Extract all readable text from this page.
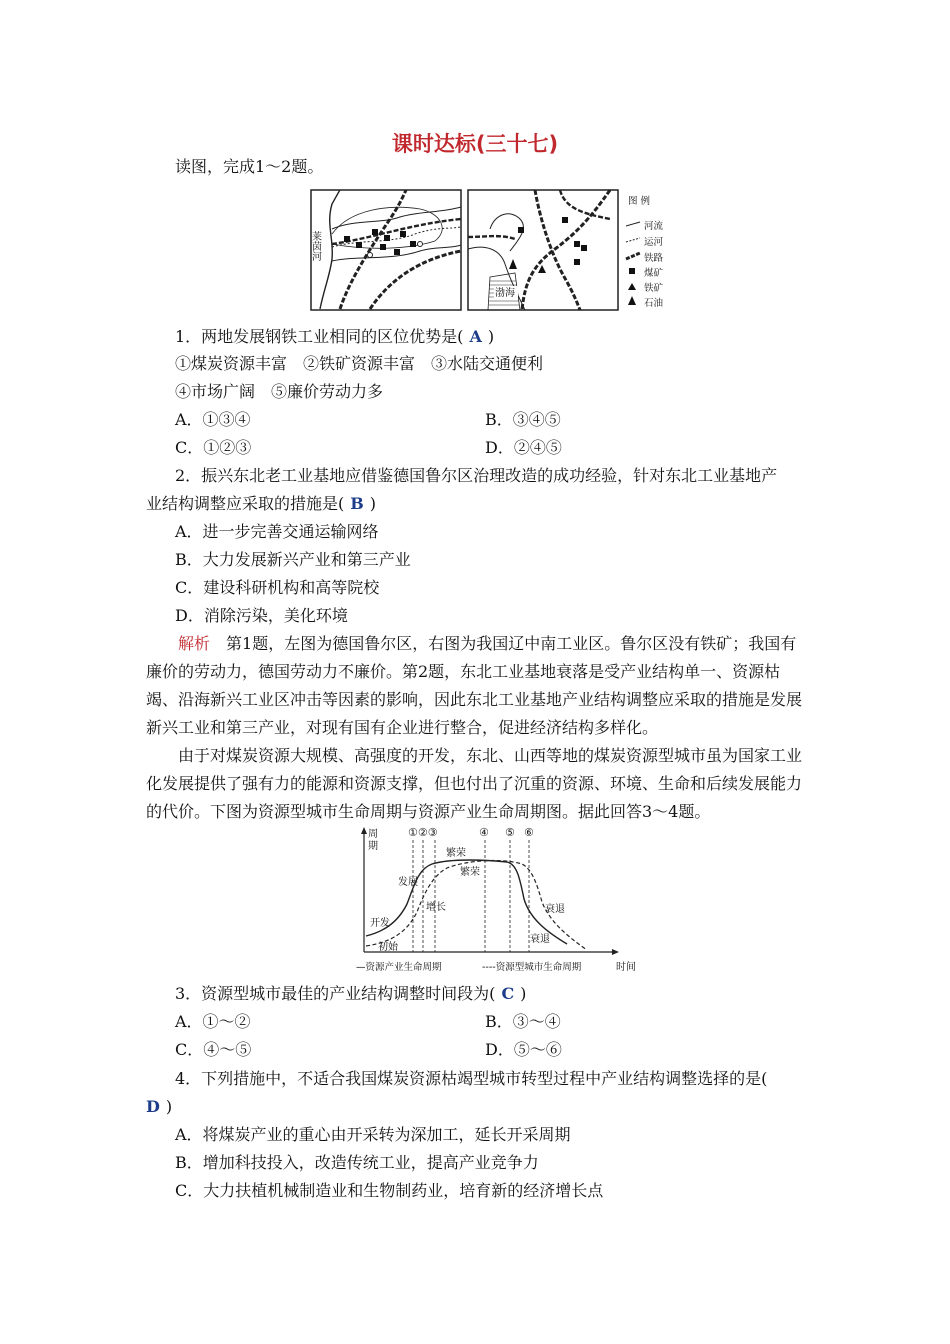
课时达标(三十七)
读图，完成1～2题。
莱茵河
渤海
图 例
河流
运河
铁路
煤矿
铁矿
石油
1．两地发展钢铁工业相同的区位优势是( A )
①煤炭资源丰富　②铁矿资源丰富　③水陆交通便利
④市场广阔　⑤廉价劳动力多
A．①③④	B．③④⑤
C．①②③	D．②④⑤
2．振兴东北老工业基地应借鉴德国鲁尔区治理改造的成功经验，针对东北工业基地产
业结构调整应采取的措施是( B )
A．进一步完善交通运输网络
B．大力发展新兴产业和第三产业
C．建设科研机构和高等院校
D．消除污染，美化环境
解析　第1题，左图为德国鲁尔区，右图为我国辽中南工业区。鲁尔区没有铁矿；我国有廉价的劳动力，德国劳动力不廉价。第2题，东北工业基地衰落是受产业结构单一、资源枯竭、沿海新兴工业区冲击等因素的影响，因此东北工业基地产业结构调整应采取的措施是发展新兴工业和第三产业，对现有国有企业进行整合，促进经济结构多样化。
由于对煤炭资源大规模、高强度的开发，东北、山西等地的煤炭资源型城市虽为国家工业化发展提供了强有力的能源和资源支撑，但也付出了沉重的资源、环境、生命和后续发展能力的代价。下图为资源型城市生命周期与资源产业生命周期图。据此回答3～4题。
周
期
时间
①②③	④ ⑤ ⑥
开发
初始
发展
增长
繁荣
繁荣
衰退
衰退
—资源产业生命周期	----资源型城市生命周期
3．资源型城市最佳的产业结构调整时间段为( C )
A．①～②	B．③～④
C．④～⑤	D．⑤～⑥
4．下列措施中，不适合我国煤炭资源枯竭型城市转型过程中产业结构调整选择的是(
D )
A．将煤炭产业的重心由开采转为深加工，延长开采周期
B．增加科技投入，改造传统工业，提高产业竞争力
C．大力扶植机械制造业和生物制药业，培育新的经济增长点
